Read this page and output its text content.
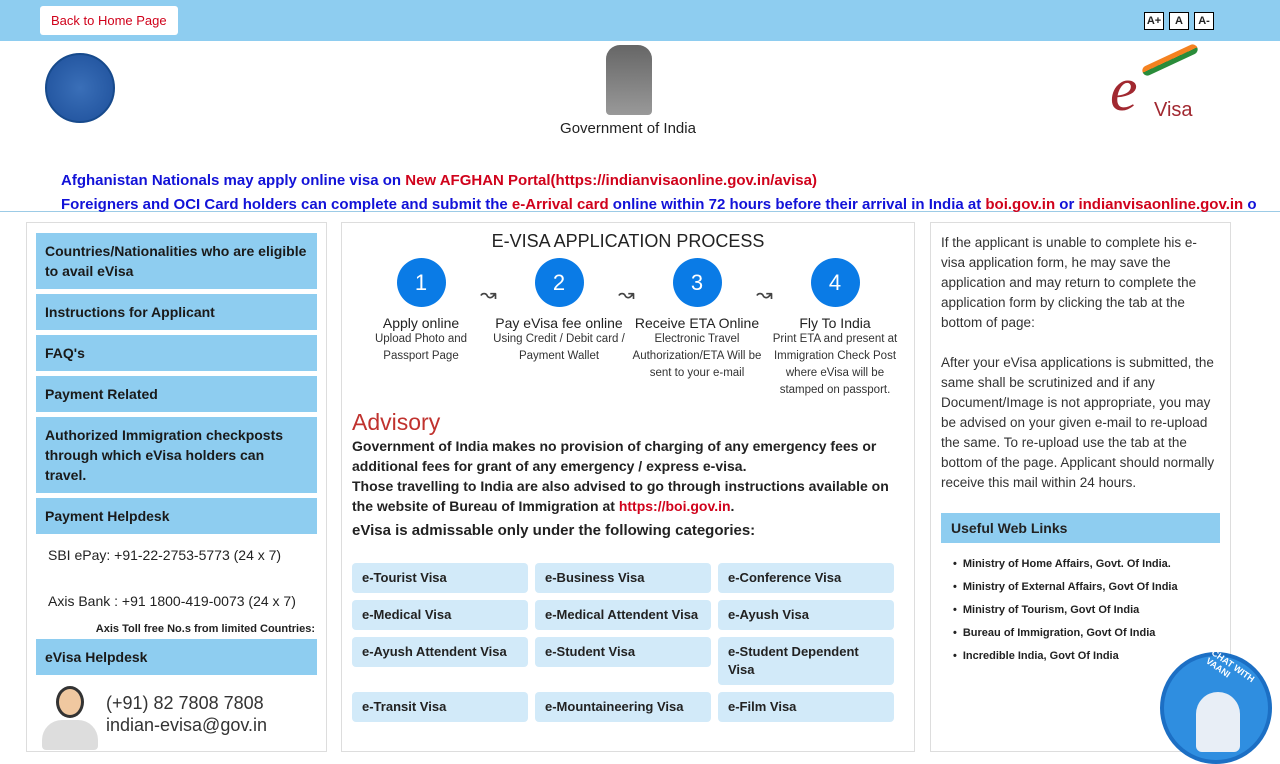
Back to Home Page	A+	A	A-
Government of India
e Visa
Afghanistan Nationals may apply online visa on New AFGHAN Portal(https://indianvisaonline.gov.in/avisa)
Foreigners and OCI Card holders can complete and submit the e-Arrival card online within 72 hours before their arrival in India at boi.gov.in or indianvisaonline.gov.in o
Countries/Nationalities who are eligible to avail eVisa
Instructions for Applicant
FAQ's
Payment Related
Authorized Immigration checkposts through which eVisa holders can travel.
Payment Helpdesk
SBI ePay: +91-22-2753-5773 (24 x 7)
Axis Bank : +91 1800-419-0073 (24 x 7)
Axis Toll free No.s from limited Countries:
eVisa Helpdesk
(+91) 82 7808 7808
indian-evisa@gov.in
E-VISA APPLICATION PROCESS
1
Apply online
Upload Photo and Passport Page
↝	2
Pay eVisa fee online
Using Credit / Debit card / Payment Wallet
↝	3
Receive ETA Online
Electronic Travel Authorization/ETA Will be sent to your e-mail
↝	4
Fly To India
Print ETA and present at Immigration Check Post where eVisa will be stamped on passport.
Advisory
Government of India makes no provision of charging of any emergency fees or additional fees for grant of any emergency / express e-visa.
Those travelling to India are also advised to go through instructions available on the website of Bureau of Immigration at https://boi.gov.in.
eVisa is admissable only under the following categories:
e-Tourist Visa	e-Business Visa	e-Conference Visa
e-Medical Visa	e-Medical Attendent Visa	e-Ayush Visa
e-Ayush Attendent Visa	e-Student Visa	e-Student Dependent Visa
e-Transit Visa	e-Mountaineering Visa	e-Film Visa

If the applicant is unable to complete his e-visa application form, he may save the application and may return to complete the application form by clicking the tab at the bottom of page:

After your eVisa applications is submitted, the same shall be scrutinized and if any Document/Image is not appropriate, you may be advised on your given e-mail to re-upload the same. To re-upload use the tab at the bottom of the page. Applicant should normally receive this mail within 24 hours.

Useful Web Links
• Ministry of Home Affairs, Govt. Of India.
• Ministry of External Affairs, Govt Of India
• Ministry of Tourism, Govt Of India
• Bureau of Immigration, Govt Of India
• Incredible India, Govt Of India	CHAT WITH VAANI
